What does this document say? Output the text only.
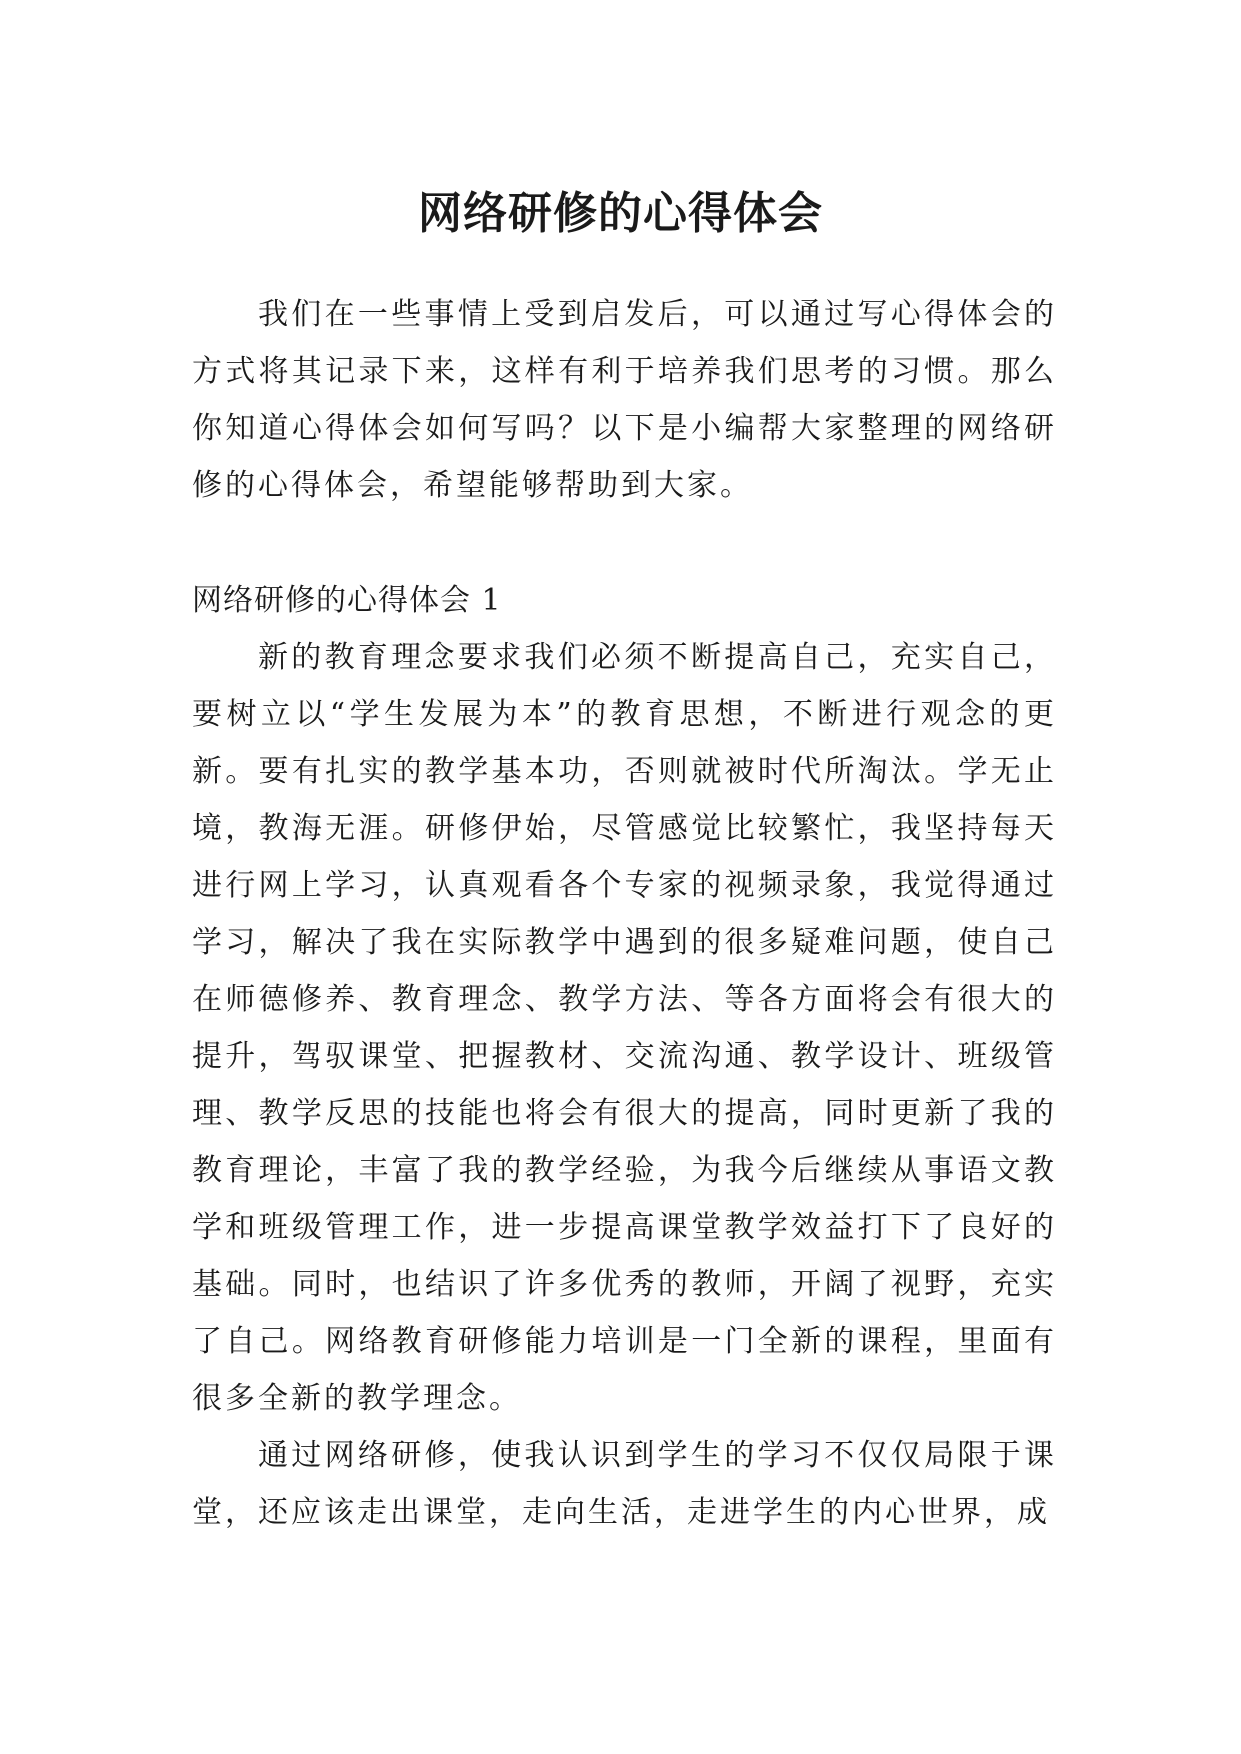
网络研修的心得体会

我们在一些事情上受到启发后，可以通过写心得体会的方式将其记录下来，这样有利于培养我们思考的习惯。那么你知道心得体会如何写吗？以下是小编帮大家整理的网络研修的心得体会，希望能够帮助到大家。

网络研修的心得体会 1

新的教育理念要求我们必须不断提高自己，充实自己，要树立以“学生发展为本”的教育思想，不断进行观念的更新。要有扎实的教学基本功，否则就被时代所淘汰。学无止境，教海无涯。研修伊始，尽管感觉比较繁忙，我坚持每天进行网上学习，认真观看各个专家的视频录象，我觉得通过学习，解决了我在实际教学中遇到的很多疑难问题，使自己在师德修养、教育理念、教学方法、等各方面将会有很大的提升，驾驭课堂、把握教材、交流沟通、教学设计、班级管理、教学反思的技能也将会有很大的提高，同时更新了我的教育理论，丰富了我的教学经验，为我今后继续从事语文教学和班级管理工作，进一步提高课堂教学效益打下了良好的基础。同时，也结识了许多优秀的教师，开阔了视野，充实了自己。网络教育研修能力培训是一门全新的课程，里面有很多全新的教学理念。

通过网络研修，使我认识到学生的学习不仅仅局限于课堂，还应该走出课堂，走向生活，走进学生的内心世界，成
